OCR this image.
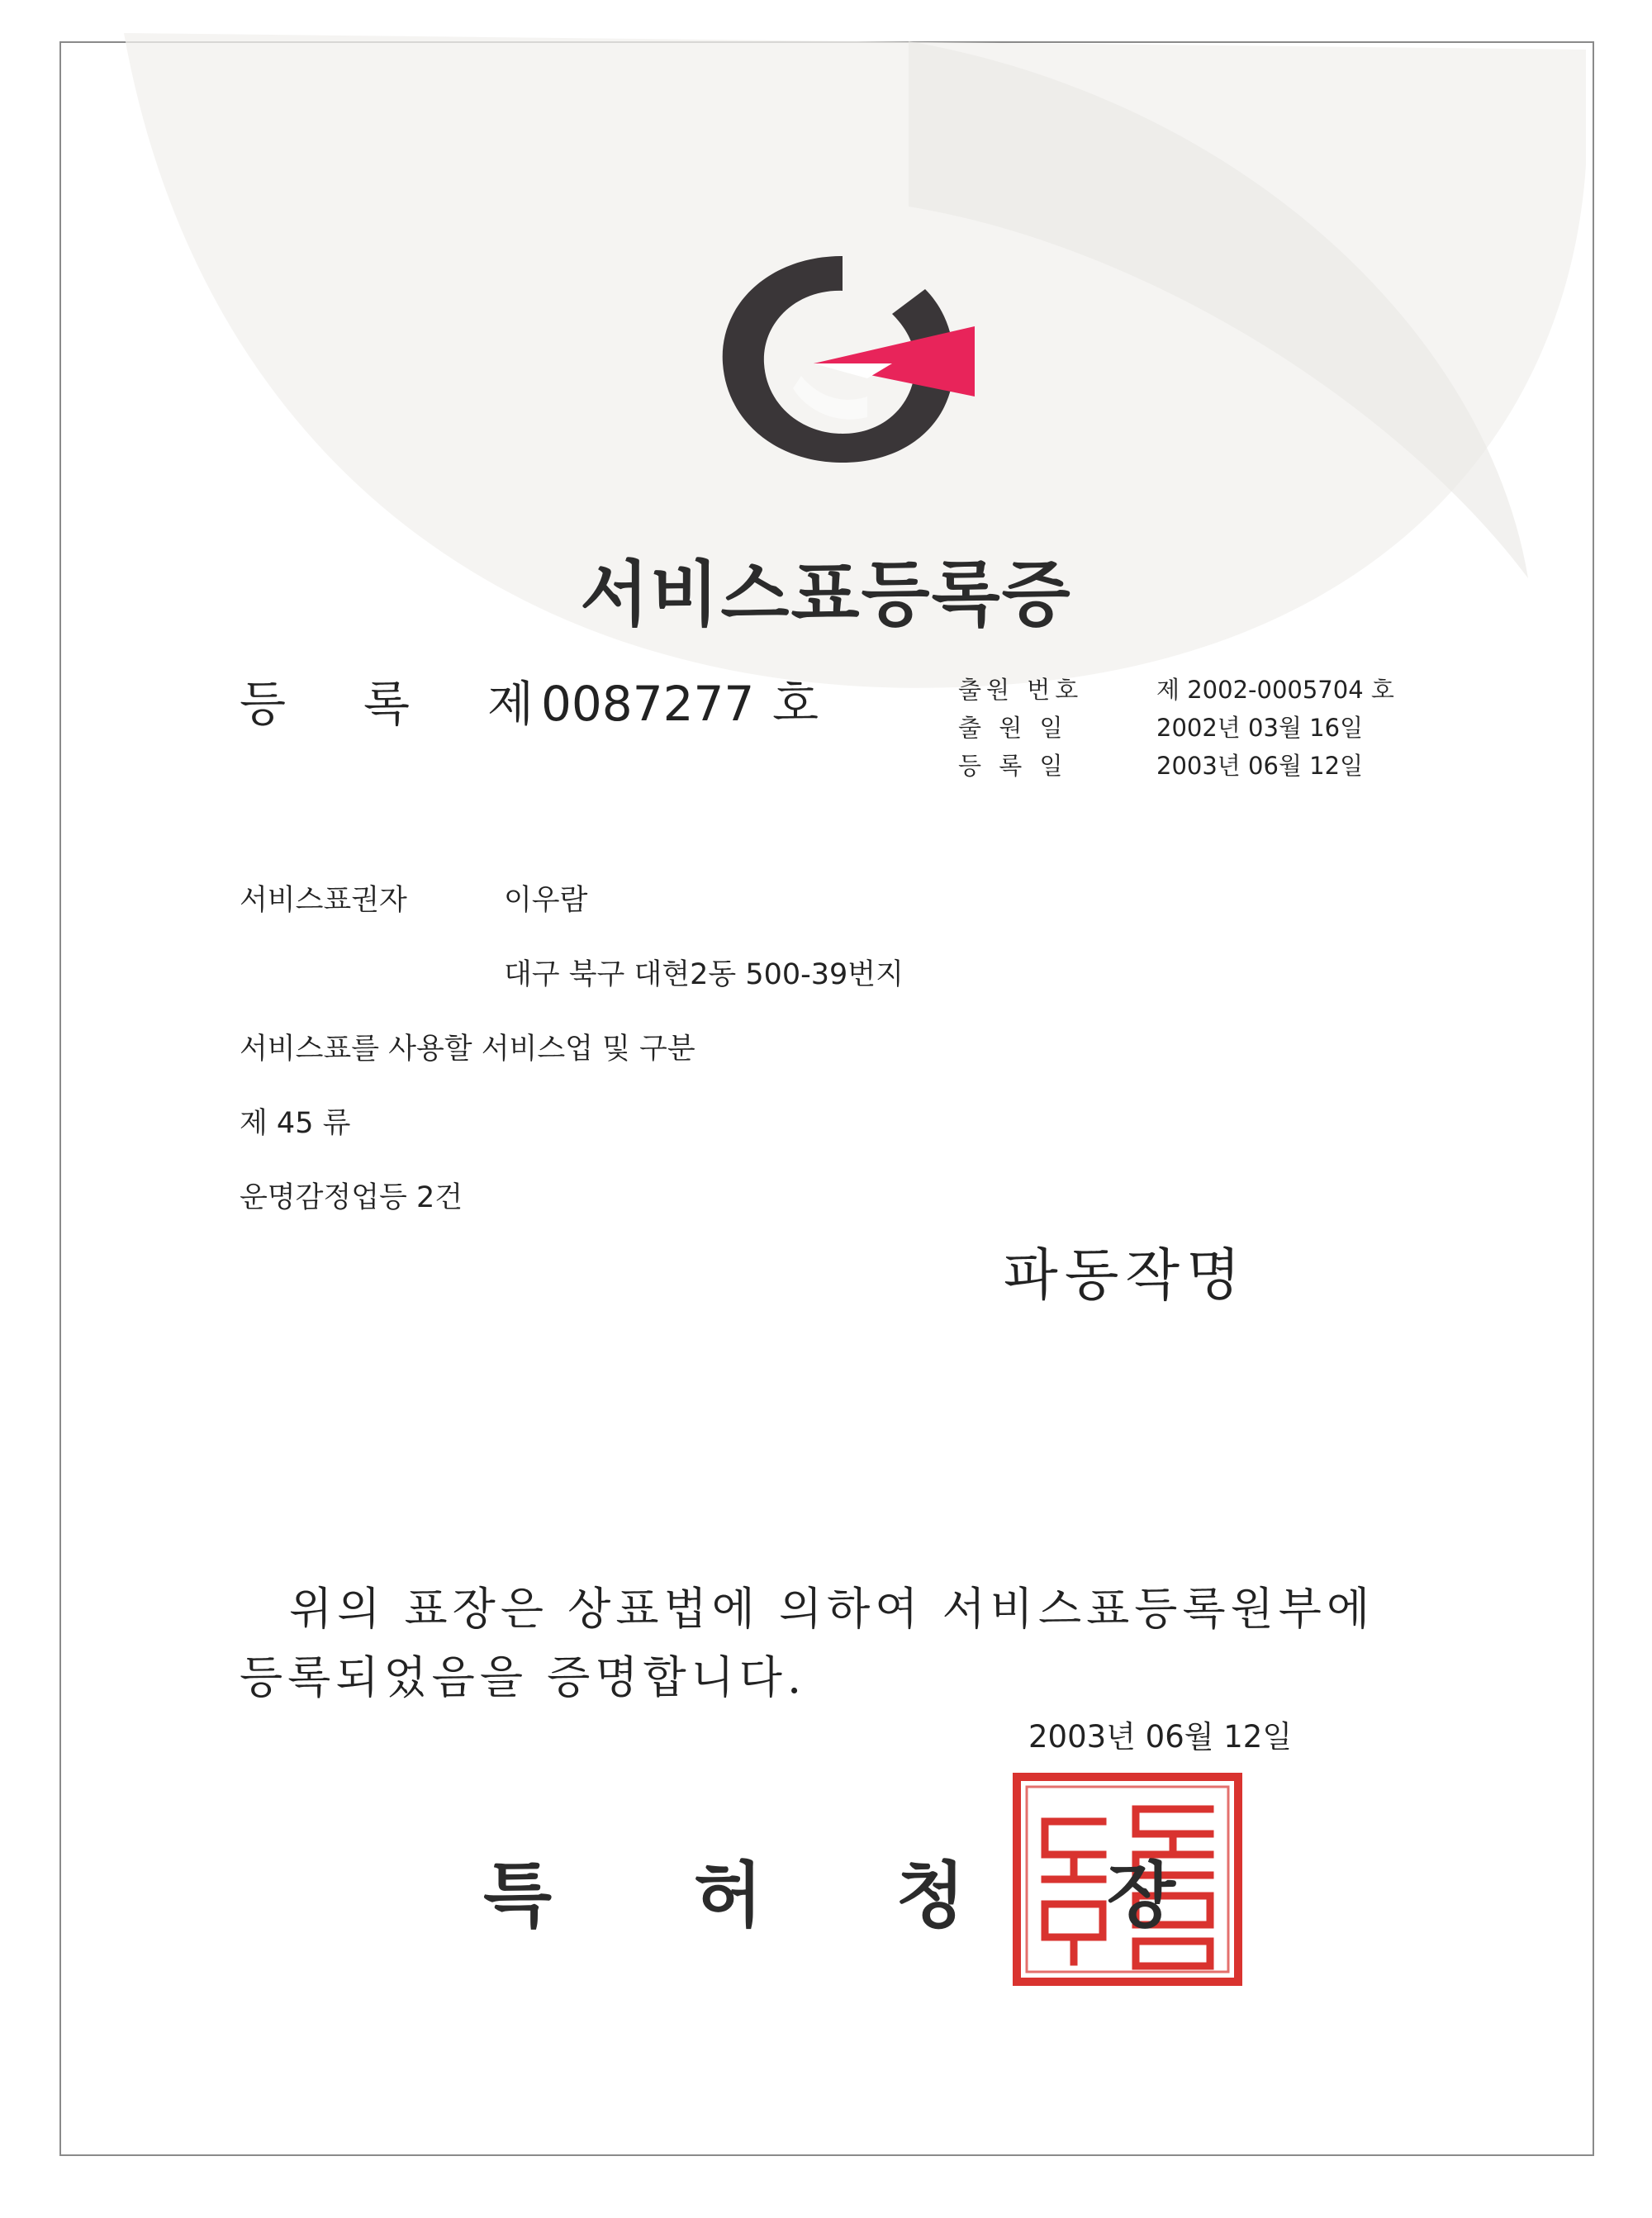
서비스표등록증
등 록 제 0087277 호	출원 번호	제 2002-0005704 호
출 원 일	2002년 03월 16일
등 록 일	2003년 06월 12일
서비스표권자	이우람
대구 북구 대현2동 500-39번지
서비스표를 사용할 서비스업 및 구분
제 45 류
운명감정업등 2건
파동작명
위의 표장은 상표법에 의하여 서비스표등록원부에
등록되었음을 증명합니다.
2003년 06월 12일
특 허 청 장
